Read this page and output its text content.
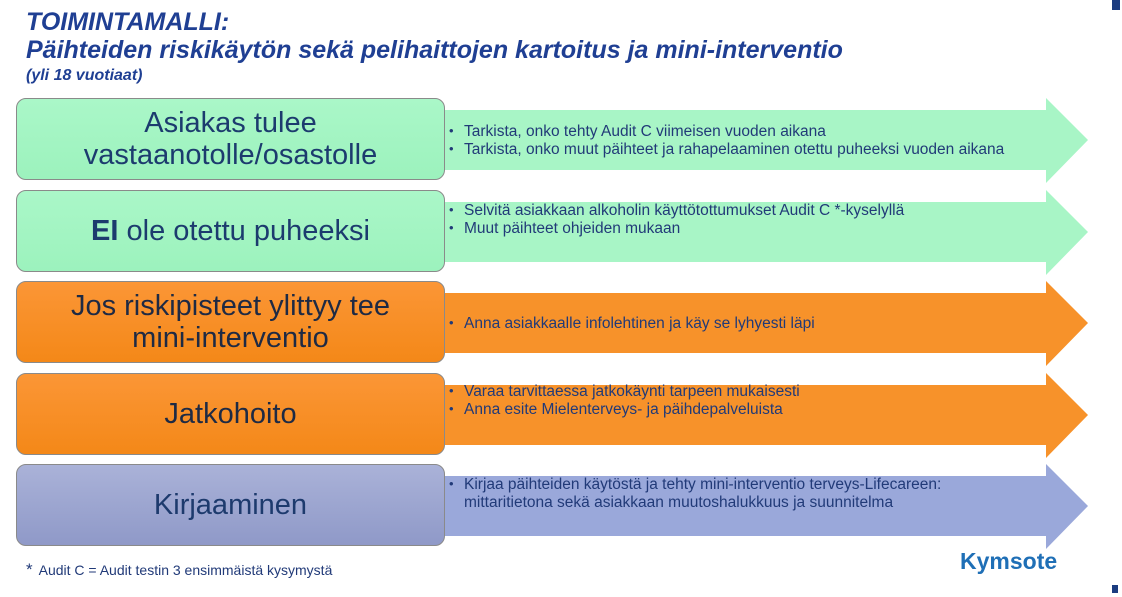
TOIMINTAMALLI:
Päihteiden riskikäytön sekä pelihaittojen kartoitus ja mini-interventio
(yli 18 vuotiaat)
Asiakas tulee
vastaanotolle/osastolle
• Tarkista, onko tehty Audit C viimeisen vuoden aikana
• Tarkista, onko muut päihteet ja rahapelaaminen otettu puheeksi vuoden aikana
EI ole otettu puheeksi
• Selvitä asiakkaan alkoholin käyttötottumukset Audit C *-kyselyllä
• Muut päihteet ohjeiden mukaan
Jos riskipisteet ylittyy tee
mini-interventio
•	Anna asiakkaalle infolehtinen ja käy se lyhyesti läpi
Jatkohoito
• Varaa tarvittaessa jatkokäynti tarpeen mukaisesti
• Anna esite Mielenterveys- ja päihdepalveluista
Kirjaaminen
• Kirjaa päihteiden käytöstä ja tehty mini-interventio terveys-Lifecareen: mittaritietona sekä asiakkaan muutoshalukkuus ja suunnitelma
* Audit C = Audit testin 3 ensimmäistä kysymystä	Kymsote
